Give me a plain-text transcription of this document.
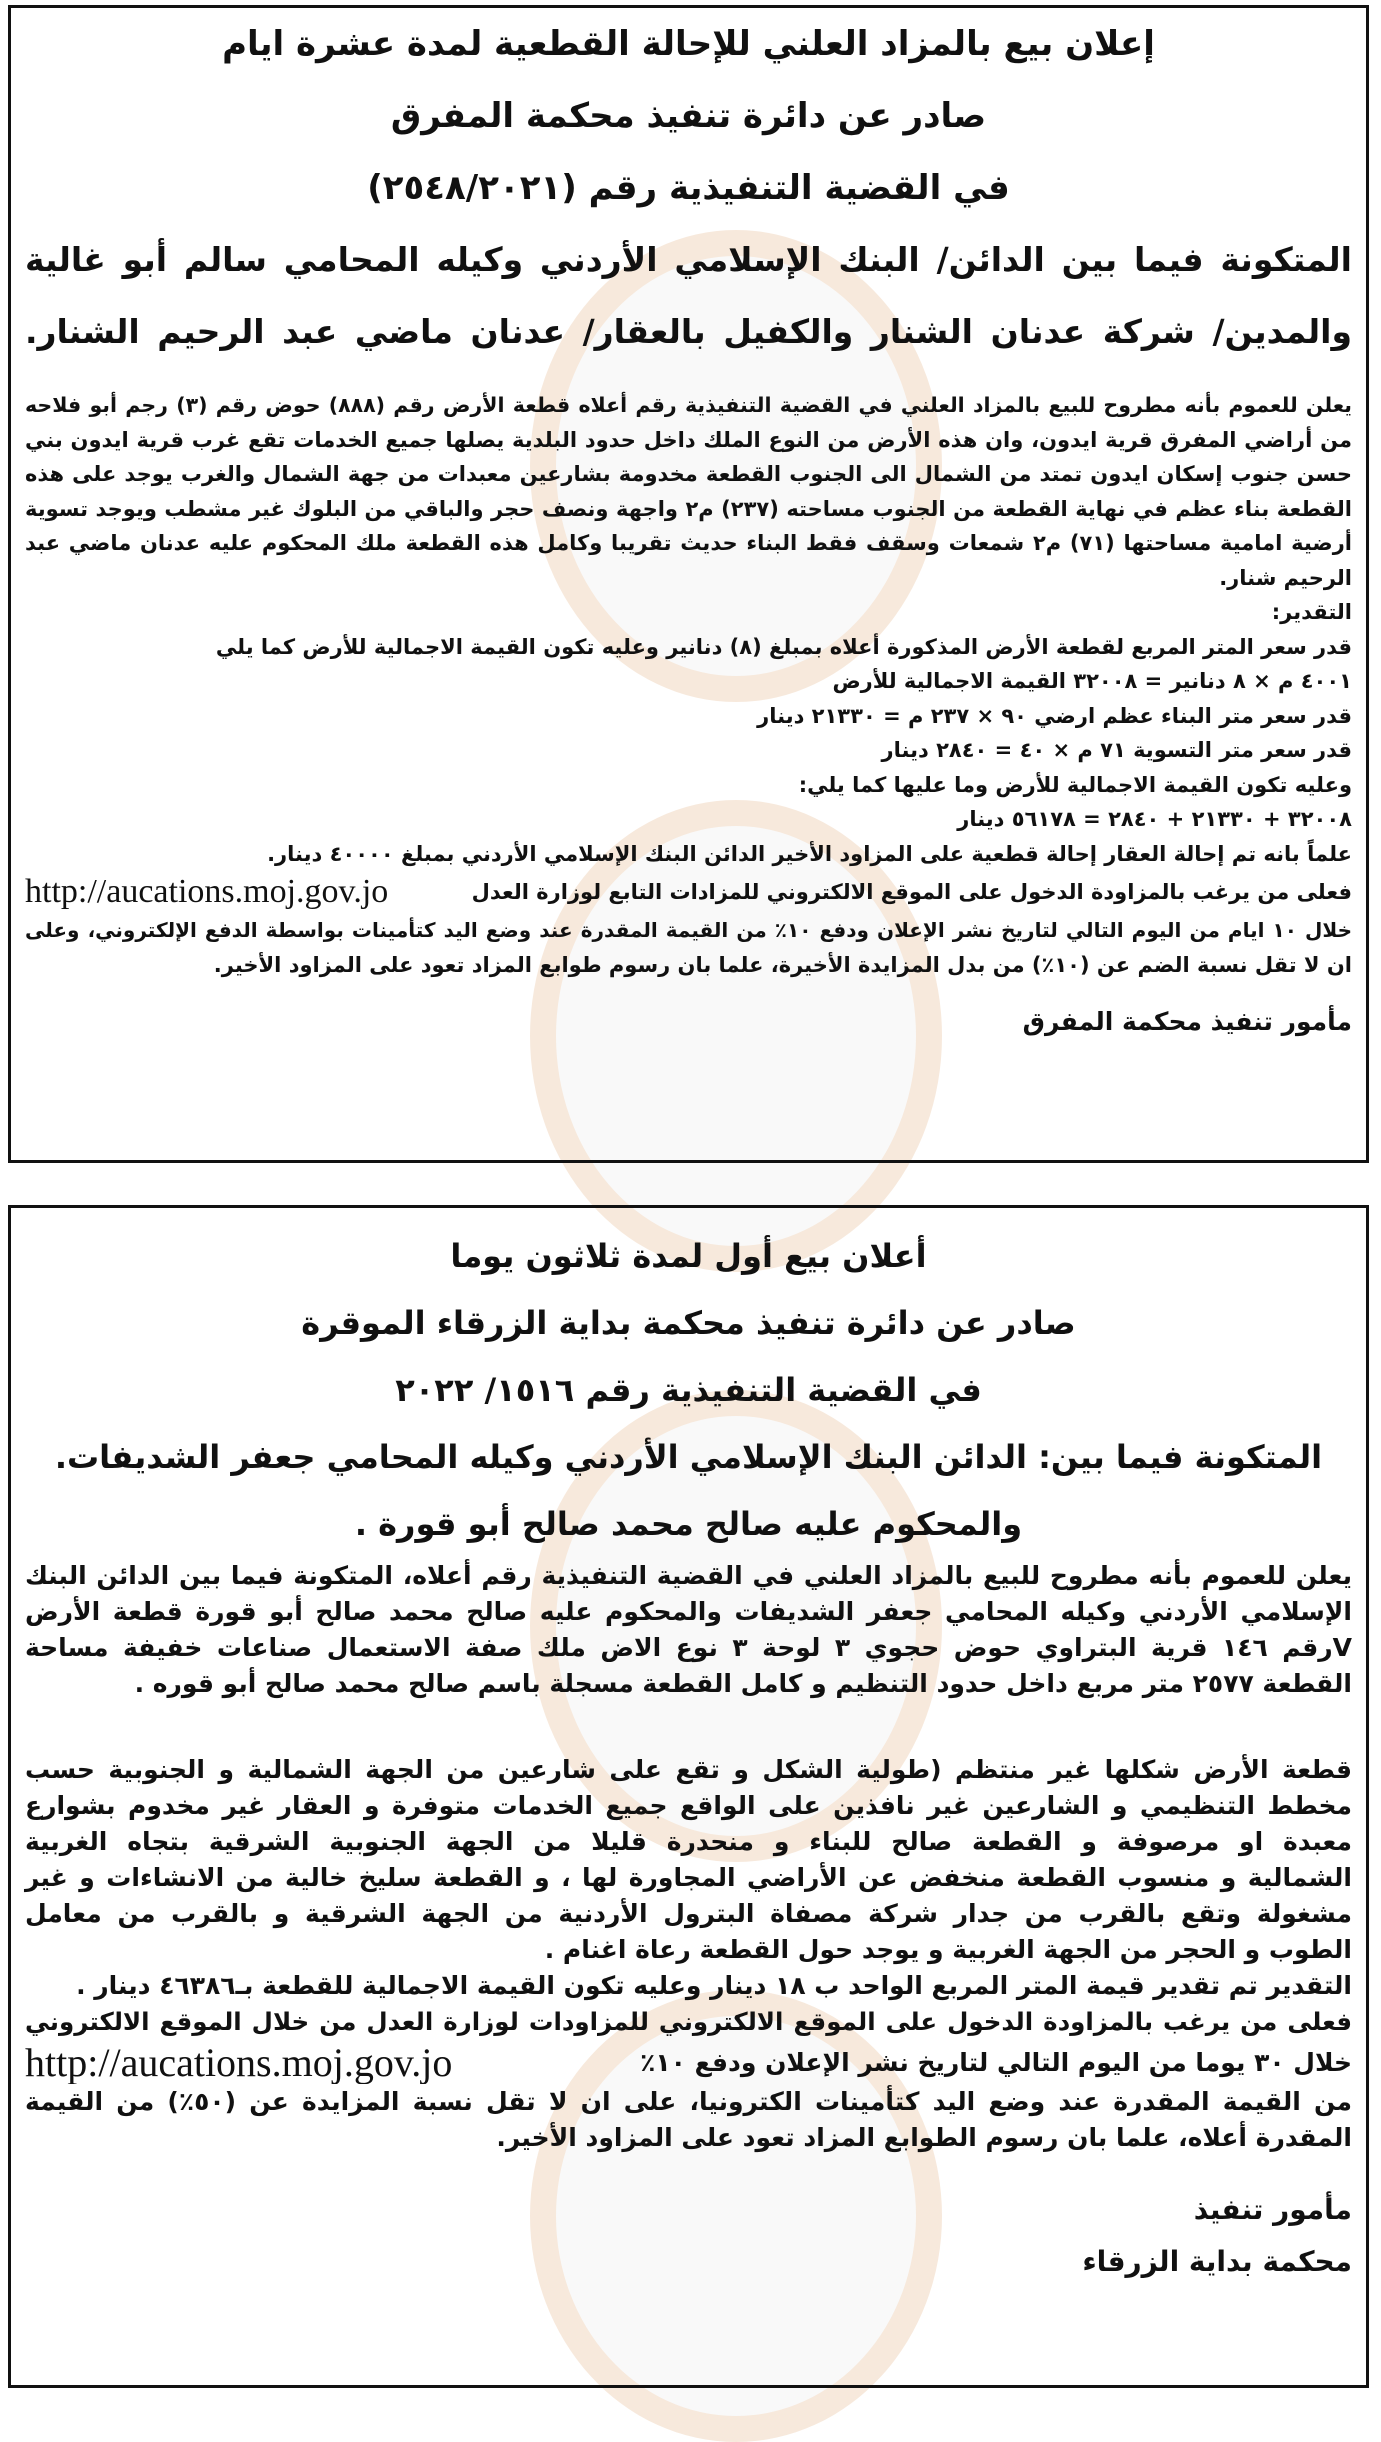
إعلان بيع بالمزاد العلني للإحالة القطعية لمدة عشرة ايام
صادر عن دائرة تنفيذ محكمة المفرق
في القضية التنفيذية رقم (٢٥٤٨/٢٠٢١)
المتكونة فيما بين الدائن/ البنك الإسلامي الأردني وكيله المحامي سالم أبو غالية
والمدين/ شركة عدنان الشنار والكفيل بالعقار/ عدنان ماضي عبد الرحيم الشنار.
يعلن للعموم بأنه مطروح للبيع بالمزاد العلني في القضية التنفيذية رقم أعلاه قطعة الأرض رقم (٨٨٨) حوض رقم (٣) رجم أبو فلاحه
من أراضي المفرق قرية ايدون، وان هذه الأرض من النوع الملك داخل حدود البلدية يصلها جميع الخدمات تقع غرب قرية ايدون بني
حسن جنوب إسكان ايدون تمتد من الشمال الى الجنوب القطعة مخدومة بشارعين معبدات من جهة الشمال والغرب يوجد على هذه
القطعة بناء عظم في نهاية القطعة من الجنوب مساحته (٢٣٧) م٢ واجهة ونصف حجر والباقي من البلوك غير مشطب ويوجد تسوية
أرضية امامية مساحتها (٧١) م٢ شمعات وسقف فقط البناء حديث تقريبا وكامل هذه القطعة ملك المحكوم عليه عدنان ماضي عبد
الرحيم شنار.
التقدير:
قدر سعر المتر المربع لقطعة الأرض المذكورة أعلاه بمبلغ (٨) دنانير وعليه تكون القيمة الاجمالية للأرض كما يلي
٤٠٠١ م × ٨ دنانير = ٣٢٠٠٨ القيمة الاجمالية للأرض
قدر سعر متر البناء عظم ارضي ٩٠ × ٢٣٧ م = ٢١٣٣٠ دينار
قدر سعر متر التسوية ٧١ م × ٤٠ = ٢٨٤٠ دينار
وعليه تكون القيمة الاجمالية للأرض وما عليها كما يلي:
٣٢٠٠٨ + ٢١٣٣٠ + ٢٨٤٠ = ٥٦١٧٨ دينار
علماً بانه تم إحالة العقار إحالة قطعية على المزاود الأخير الدائن البنك الإسلامي الأردني بمبلغ ٤٠٠٠٠ دينار.
فعلى من يرغب بالمزاودة الدخول على الموقع الالكتروني للمزادات التابع لوزارة العدل
http://aucations.moj.gov.jo
خلال ١٠ ايام من اليوم التالي لتاريخ نشر الإعلان ودفع ١٠٪ من القيمة المقدرة عند وضع اليد كتأمينات بواسطة الدفع الإلكتروني، وعلى
ان لا تقل نسبة الضم عن (١٠٪) من بدل المزايدة الأخيرة، علما بان رسوم طوابع المزاد تعود على المزاود الأخير.
مأمور تنفيذ محكمة المفرق
أعلان بيع أول لمدة ثلاثون يوما
صادر عن دائرة تنفيذ محكمة بداية الزرقاء الموقرة
في القضية التنفيذية رقم ١٥١٦/ ٢٠٢٢
المتكونة فيما بين: الدائن البنك الإسلامي الأردني وكيله المحامي جعفر الشديفات.
والمحكوم عليه صالح محمد صالح أبو قورة .
يعلن للعموم بأنه مطروح للبيع بالمزاد العلني في القضية التنفيذية رقم أعلاه، المتكونة فيما بين الدائن البنك
الإسلامي الأردني وكيله المحامي جعفر الشديفات والمحكوم عليه صالح محمد صالح أبو قورة قطعة الأرض
Vرقم ١٤٦ قرية البتراوي حوض حجوي ٣ لوحة ٣ نوع الاض ملك صفة الاستعمال صناعات خفيفة مساحة
القطعة ٢٥٧٧ متر مربع داخل حدود التنظيم و كامل القطعة مسجلة باسم صالح محمد صالح أبو قوره .
قطعة الأرض شكلها غير منتظم (طولية الشكل و تقع على شارعين من الجهة الشمالية و الجنوبية حسب
مخطط التنظيمي و الشارعين غير نافذين على الواقع جميع الخدمات متوفرة و العقار غير مخدوم بشوارع
معبدة او مرصوفة و القطعة صالح للبناء و منحدرة قليلا من الجهة الجنوبية الشرقية بتجاه الغربية
الشمالية و منسوب القطعة منخفض عن الأراضي المجاورة لها ، و القطعة سليخ خالية من الانشاءات و غير
مشغولة وتقع بالقرب من جدار شركة مصفاة البترول الأردنية من الجهة الشرقية و بالقرب من معامل
الطوب و الحجر من الجهة الغربية و يوجد حول القطعة رعاة اغنام .
التقدير تم تقدير قيمة المتر المربع الواحد ب ١٨ دينار وعليه تكون القيمة الاجمالية للقطعة بـ٤٦٣٨٦ دينار .
فعلى من يرغب بالمزاودة الدخول على الموقع الالكتروني للمزاودات لوزارة العدل من خلال الموقع الالكتروني
خلال ٣٠ يوما من اليوم التالي لتاريخ نشر الإعلان ودفع ١٠٪
http://aucations.moj.gov.jo
من القيمة المقدرة عند وضع اليد كتأمينات الكترونيا، على ان لا تقل نسبة المزايدة عن (٥٠٪) من القيمة
المقدرة أعلاه، علما بان رسوم الطوابع المزاد تعود على المزاود الأخير.
مأمور تنفيذ
محكمة بداية الزرقاء
